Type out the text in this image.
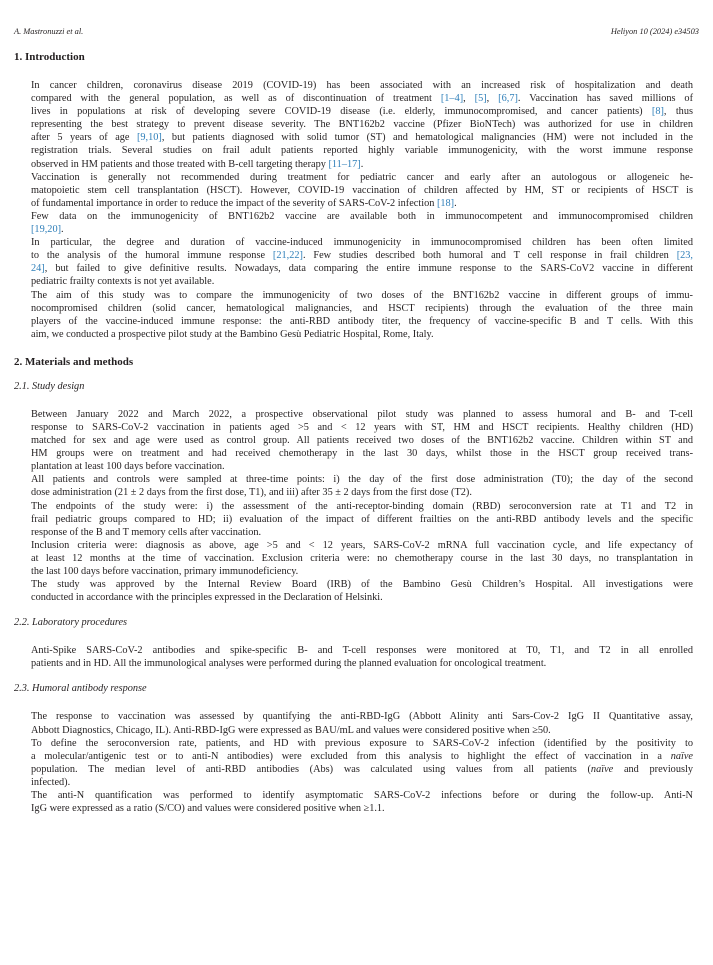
A. Mastronuzzi et al.	Heliyon 10 (2024) e34503
1. Introduction
In cancer children, coronavirus disease 2019 (COVID-19) has been associated with an increased risk of hospitalization and death
compared with the general population, as well as of discontinuation of treatment [1–4], [5], [6,7]. Vaccination has saved millions of
lives in populations at risk of developing severe COVID-19 disease (i.e. elderly, immunocompromised, and cancer patients) [8], thus
representing the best strategy to prevent disease severity. The BNT162b2 vaccine (Pfizer BioNTech) was authorized for use in children
after 5 years of age [9,10], but patients diagnosed with solid tumor (ST) and hematological malignancies (HM) were not included in the
registration trials. Several studies on frail adult patients reported highly variable immunogenicity, with the worst immune response
observed in HM patients and those treated with B-cell targeting therapy [11–17].
Vaccination is generally not recommended during treatment for pediatric cancer and early after an autologous or allogeneic he-
matopoietic stem cell transplantation (HSCT). However, COVID-19 vaccination of children affected by HM, ST or recipients of HSCT is
of fundamental importance in order to reduce the impact of the severity of SARS-CoV-2 infection [18].
Few data on the immunogenicity of BNT162b2 vaccine are available both in immunocompetent and immunocompromised children
[19,20].
In particular, the degree and duration of vaccine-induced immunogenicity in immunocompromised children has been often limited
to the analysis of the humoral immune response [21,22]. Few studies described both humoral and T cell response in frail children [23,
24], but failed to give definitive results. Nowadays, data comparing the entire immune response to the SARS-CoV2 vaccine in different
pediatric frailty contexts is not yet available.
The aim of this study was to compare the immunogenicity of two doses of the BNT162b2 vaccine in different groups of immu-
nocompromised children (solid cancer, hematological malignancies, and HSCT recipients) through the evaluation of the three main
players of the vaccine-induced immune response: the anti-RBD antibody titer, the frequency of vaccine-specific B and T cells. With this
aim, we conducted a prospective pilot study at the Bambino Gesù Pediatric Hospital, Rome, Italy.
2. Materials and methods
2.1. Study design
Between January 2022 and March 2022, a prospective observational pilot study was planned to assess humoral and B- and T-cell
response to SARS-CoV-2 vaccination in patients aged >5 and < 12 years with ST, HM and HSCT recipients. Healthy children (HD)
matched for sex and age were used as control group. All patients received two doses of the BNT162b2 vaccine. Children within ST and
HM groups were on treatment and had received chemotherapy in the last 30 days, whilst those in the HSCT group received trans-
plantation at least 100 days before vaccination.
All patients and controls were sampled at three-time points: i) the day of the first dose administration (T0); the day of the second
dose administration (21 ± 2 days from the first dose, T1), and iii) after 35 ± 2 days from the first dose (T2).
The endpoints of the study were: i) the assessment of the anti-receptor-binding domain (RBD) seroconversion rate at T1 and T2 in
frail pediatric groups compared to HD; ii) evaluation of the impact of different frailties on the anti-RBD antibody levels and the specific
response of the B and T memory cells after vaccination.
Inclusion criteria were: diagnosis as above, age >5 and < 12 years, SARS-CoV-2 mRNA full vaccination cycle, and life expectancy of
at least 12 months at the time of vaccination. Exclusion criteria were: no chemotherapy course in the last 30 days, no transplantation in
the last 100 days before vaccination, primary immunodeficiency.
The study was approved by the Internal Review Board (IRB) of the Bambino Gesù Children’s Hospital. All investigations were
conducted in accordance with the principles expressed in the Declaration of Helsinki.
2.2. Laboratory procedures
Anti-Spike SARS-CoV-2 antibodies and spike-specific B- and T-cell responses were monitored at T0, T1, and T2 in all enrolled
patients and in HD. All the immunological analyses were performed during the planned evaluation for oncological treatment.
2.3. Humoral antibody response
The response to vaccination was assessed by quantifying the anti-RBD-IgG (Abbott Alinity anti Sars-Cov-2 IgG II Quantitative assay,
Abbott Diagnostics, Chicago, IL). Anti-RBD-IgG were expressed as BAU/mL and values were considered positive when ≥50.
To define the seroconversion rate, patients, and HD with previous exposure to SARS-CoV-2 infection (identified by the positivity to
a molecular/antigenic test or to anti-N antibodies) were excluded from this analysis to highlight the effect of vaccination in a naïve
population. The median level of anti-RBD antibodies (Abs) was calculated using values from all patients (naïve and previously
infected).
The anti-N quantification was performed to identify asymptomatic SARS-CoV-2 infections before or during the follow-up. Anti-N
IgG were expressed as a ratio (S/CO) and values were considered positive when ≥1.1.
